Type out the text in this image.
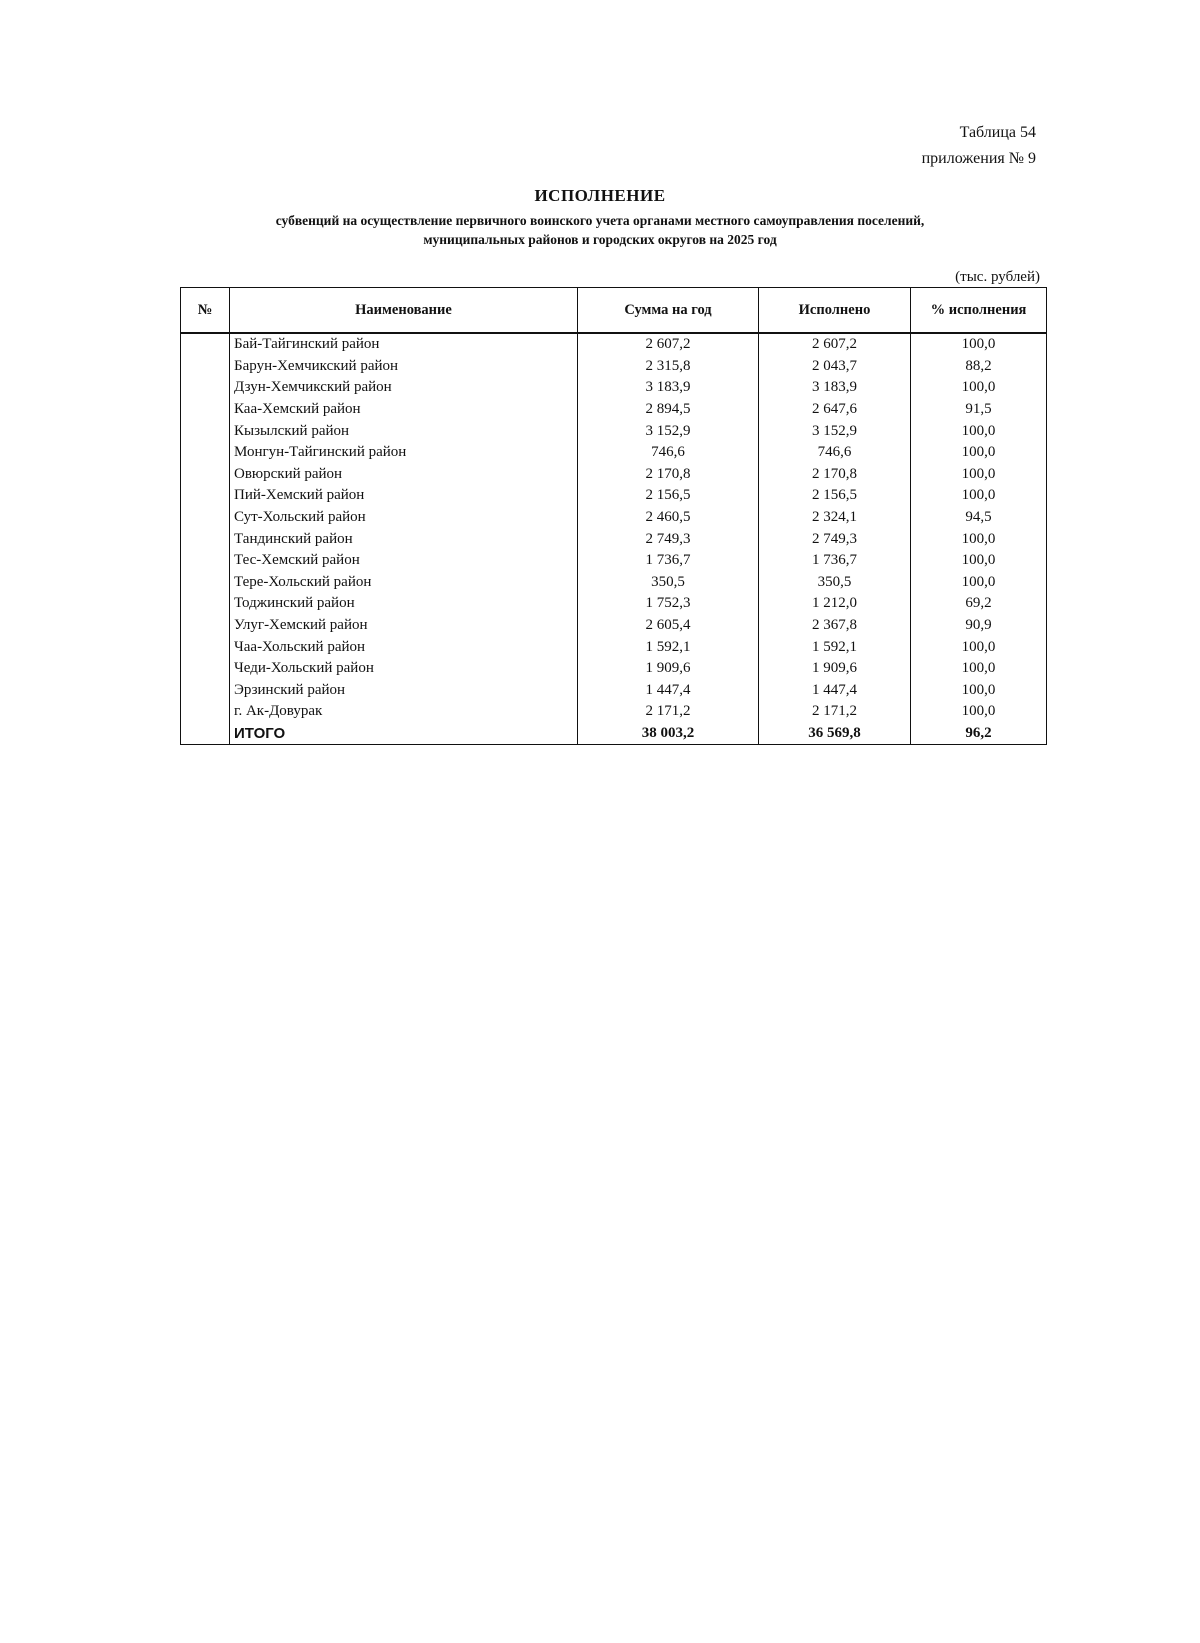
Таблица 54
приложения № 9
ИСПОЛНЕНИЕ
субвенций на осуществление первичного воинского учета органами местного самоуправления поселений,
муниципальных районов и городских округов на 2025 год
(тыс. рублей)
№	Наименование	Сумма на год	Исполнено	% исполнения
	Бай-Тайгинский район	2 607,2	2 607,2	100,0
	Барун-Хемчикский район	2 315,8	2 043,7	88,2
	Дзун-Хемчикский район	3 183,9	3 183,9	100,0
	Каа-Хемский район	2 894,5	2 647,6	91,5
	Кызылский район	3 152,9	3 152,9	100,0
	Монгун-Тайгинский район	746,6	746,6	100,0
	Овюрский район	2 170,8	2 170,8	100,0
	Пий-Хемский район	2 156,5	2 156,5	100,0
	Сут-Хольский район	2 460,5	2 324,1	94,5
	Тандинский район	2 749,3	2 749,3	100,0
	Тес-Хемский район	1 736,7	1 736,7	100,0
	Тере-Хольский район	350,5	350,5	100,0
	Тоджинский район	1 752,3	1 212,0	69,2
	Улуг-Хемский район	2 605,4	2 367,8	90,9
	Чаа-Хольский район	1 592,1	1 592,1	100,0
	Чеди-Хольский район	1 909,6	1 909,6	100,0
	Эрзинский район	1 447,4	1 447,4	100,0
	г. Ак-Довурак	2 171,2	2 171,2	100,0
	ИТОГО	38 003,2	36 569,8	96,2
